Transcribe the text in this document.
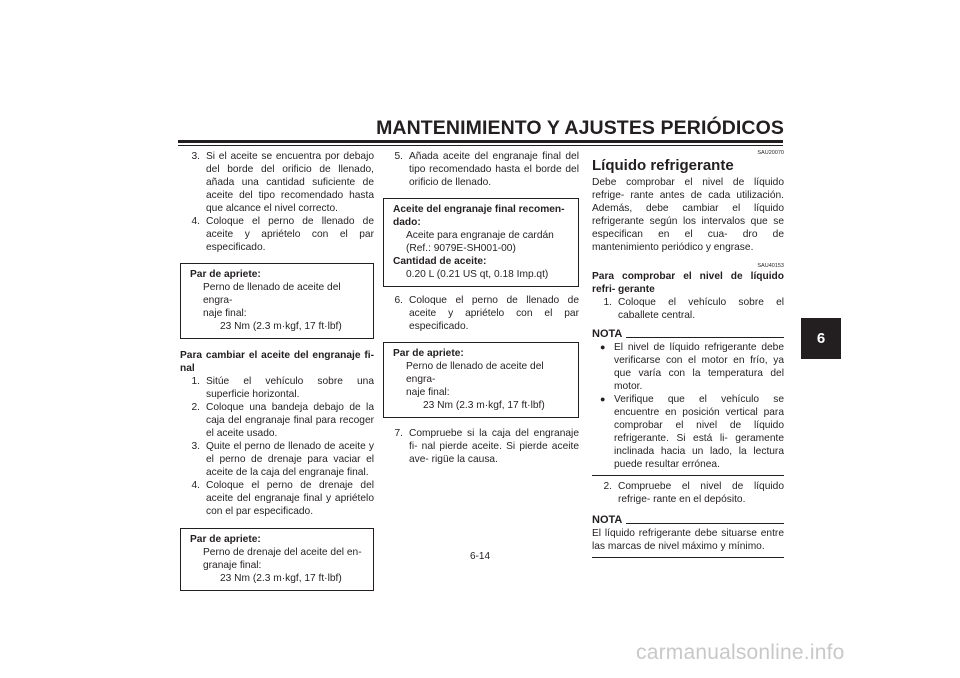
MANTENIMIENTO Y AJUSTES PERIÓDICOS
6
3. Si el aceite se encuentra por debajo del borde del orificio de llenado, añada una cantidad suficiente de aceite del tipo recomendado hasta que alcance el nivel correcto.
4. Coloque el perno de llenado de aceite y apriételo con el par especificado.
Par de apriete:
Perno de llenado de aceite del engra-
naje final:
23 Nm (2.3 m·kgf, 17 ft·lbf)
Para cambiar el aceite del engranaje fi- nal
1. Sitúe el vehículo sobre una superficie horizontal.
2. Coloque una bandeja debajo de la caja del engranaje final para recoger el aceite usado.
3. Quite el perno de llenado de aceite y el perno de drenaje para vaciar el aceite de la caja del engranaje final.
4. Coloque el perno de drenaje del aceite del engranaje final y apriételo con el par especificado.
Par de apriete:
Perno de drenaje del aceite del en-
granaje final:
23 Nm (2.3 m·kgf, 17 ft·lbf)
5. Añada aceite del engranaje final del tipo recomendado hasta el borde del orificio de llenado.
Aceite del engranaje final recomen-
dado:
Aceite para engranaje de cardán
(Ref.: 9079E-SH001-00)
Cantidad de aceite:
0.20 L (0.21 US qt, 0.18 Imp.qt)
6. Coloque el perno de llenado de aceite y apriételo con el par especificado.
Par de apriete:
Perno de llenado de aceite del engra-
naje final:
23 Nm (2.3 m·kgf, 17 ft·lbf)
7. Compruebe si la caja del engranaje fi- nal pierde aceite. Si pierde aceite ave- rigüe la causa.
SAU20070
Líquido refrigerante
Debe comprobar el nivel de líquido refrige- rante antes de cada utilización. Además, debe cambiar el líquido refrigerante según los intervalos que se especifican en el cua- dro de mantenimiento periódico y engrase.
SAU40153
Para comprobar el nivel de líquido refri- gerante
1. Coloque el vehículo sobre el caballete central.
NOTA
● El nivel de líquido refrigerante debe verificarse con el motor en frío, ya que varía con la temperatura del motor.
● Verifique que el vehículo se encuentre en posición vertical para comprobar el nivel de líquido refrigerante. Si está li- geramente inclinada hacia un lado, la lectura puede resultar errónea.
2. Compruebe el nivel de líquido refrige- rante en el depósito.
NOTA
El líquido refrigerante debe situarse entre las marcas de nivel máximo y mínimo.
6-14
carmanualsonline.info
